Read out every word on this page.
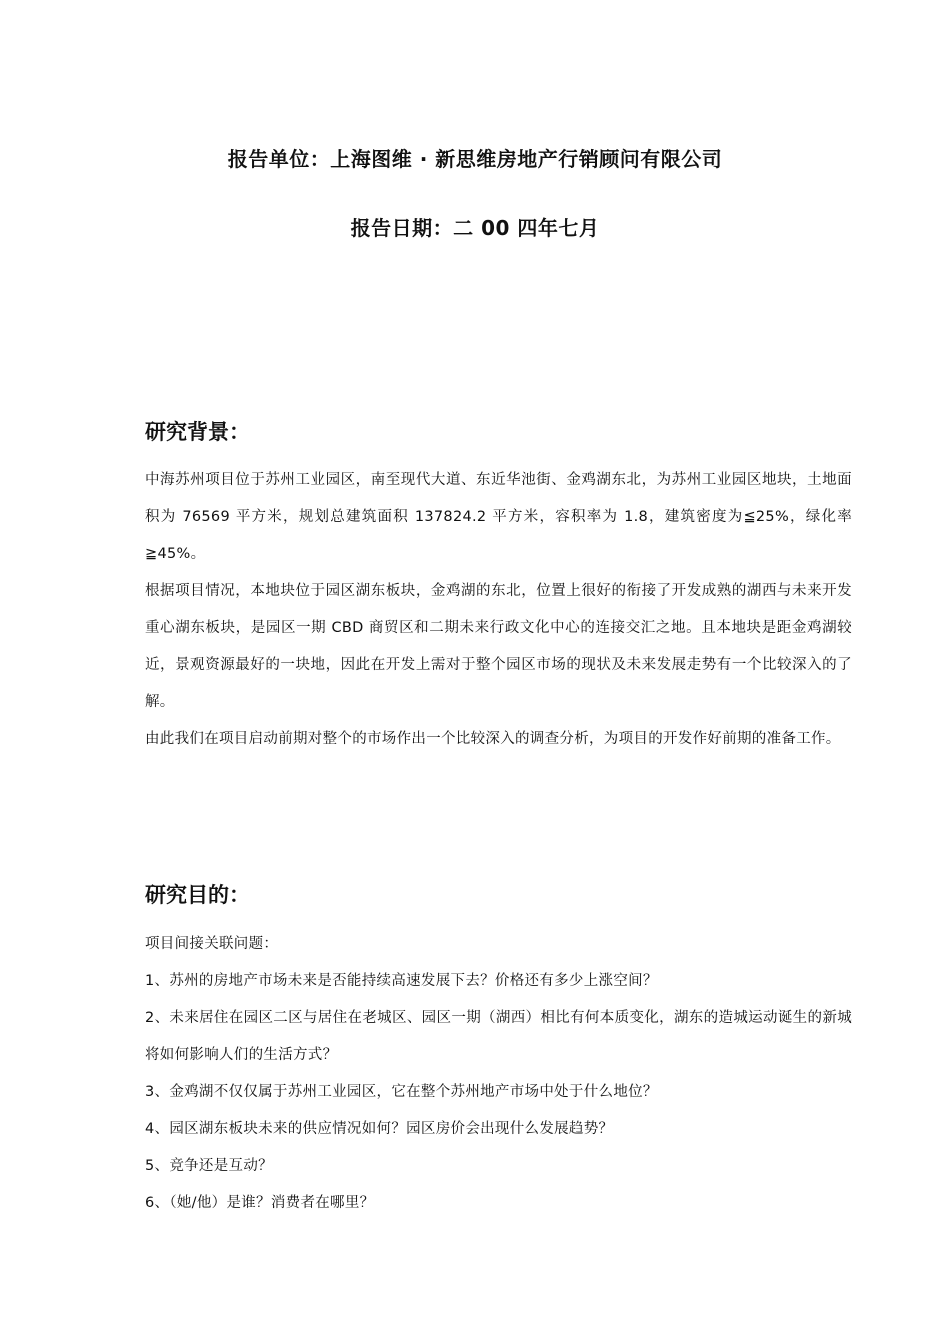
报告单位：上海图维 · 新思维房地产行销顾问有限公司
报告日期：二 00 四年七月
研究背景：

中海苏州项目位于苏州工业园区，南至现代大道、东近华池街、金鸡湖东北，为苏州工业园区地块，土地面积为 76569 平方米，规划总建筑面积 137824.2 平方米，容积率为 1.8，建筑密度为≦25%，绿化率≧45%。

根据项目情况，本地块位于园区湖东板块，金鸡湖的东北，位置上很好的衔接了开发成熟的湖西与未来开发重心湖东板块，是园区一期 CBD 商贸区和二期未来行政文化中心的连接交汇之地。且本地块是距金鸡湖较近，景观资源最好的一块地，因此在开发上需对于整个园区市场的现状及未来发展走势有一个比较深入的了解。

由此我们在项目启动前期对整个的市场作出一个比较深入的调查分析，为项目的开发作好前期的准备工作。

研究目的：

项目间接关联问题：

1、苏州的房地产市场未来是否能持续高速发展下去？价格还有多少上涨空间？

2、未来居住在园区二区与居住在老城区、园区一期（湖西）相比有何本质变化，湖东的造城运动诞生的新城将如何影响人们的生活方式？

3、金鸡湖不仅仅属于苏州工业园区，它在整个苏州地产市场中处于什么地位？

4、园区湖东板块未来的供应情况如何？园区房价会出现什么发展趋势？

5、竞争还是互动？

6、（她/他）是谁？消费者在哪里？
